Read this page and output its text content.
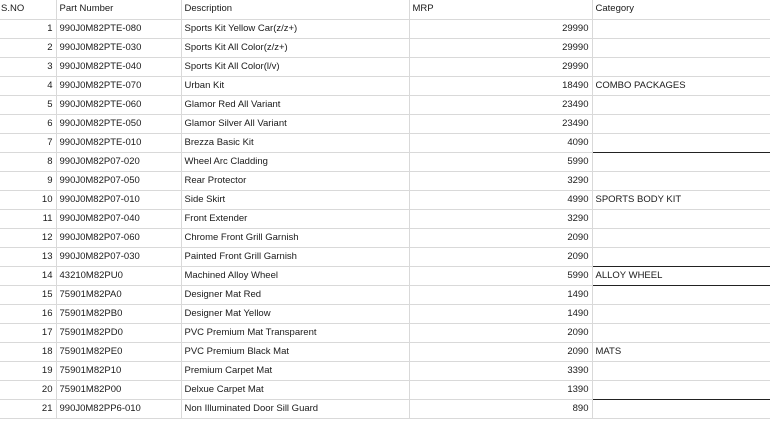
S.NO	Part Number	Description	MRP	Category
1	990J0M82PTE-080	Sports Kit Yellow Car(z/z+)	29990	
2	990J0M82PTE-030	Sports Kit All Color(z/z+)	29990	
3	990J0M82PTE-040	Sports Kit All Color(l/v)	29990	
4	990J0M82PTE-070	Urban Kit	18490	COMBO PACKAGES
5	990J0M82PTE-060	Glamor Red All Variant	23490	
6	990J0M82PTE-050	Glamor Silver All Variant	23490	
7	990J0M82PTE-010	Brezza Basic Kit	4090	
8	990J0M82P07-020	Wheel Arc Cladding	5990	
9	990J0M82P07-050	Rear Protector	3290	
10	990J0M82P07-010	Side Skirt	4990	SPORTS BODY KIT
11	990J0M82P07-040	Front Extender	3290	
12	990J0M82P07-060	Chrome Front Grill Garnish	2090	
13	990J0M82P07-030	Painted Front Grill Garnish	2090	
14	43210M82PU0	Machined Alloy Wheel	5990	ALLOY WHEEL
15	75901M82PA0	Designer Mat Red	1490	
16	75901M82PB0	Designer Mat Yellow	1490	
17	75901M82PD0	PVC Premium Mat Transparent	2090	
18	75901M82PE0	PVC Premium Black Mat	2090	MATS
19	75901M82P10	Premium Carpet Mat	3390	
20	75901M82P00	Delxue Carpet Mat	1390	
21	990J0M82PP6-010	Non Illuminated Door Sill Guard	890	
